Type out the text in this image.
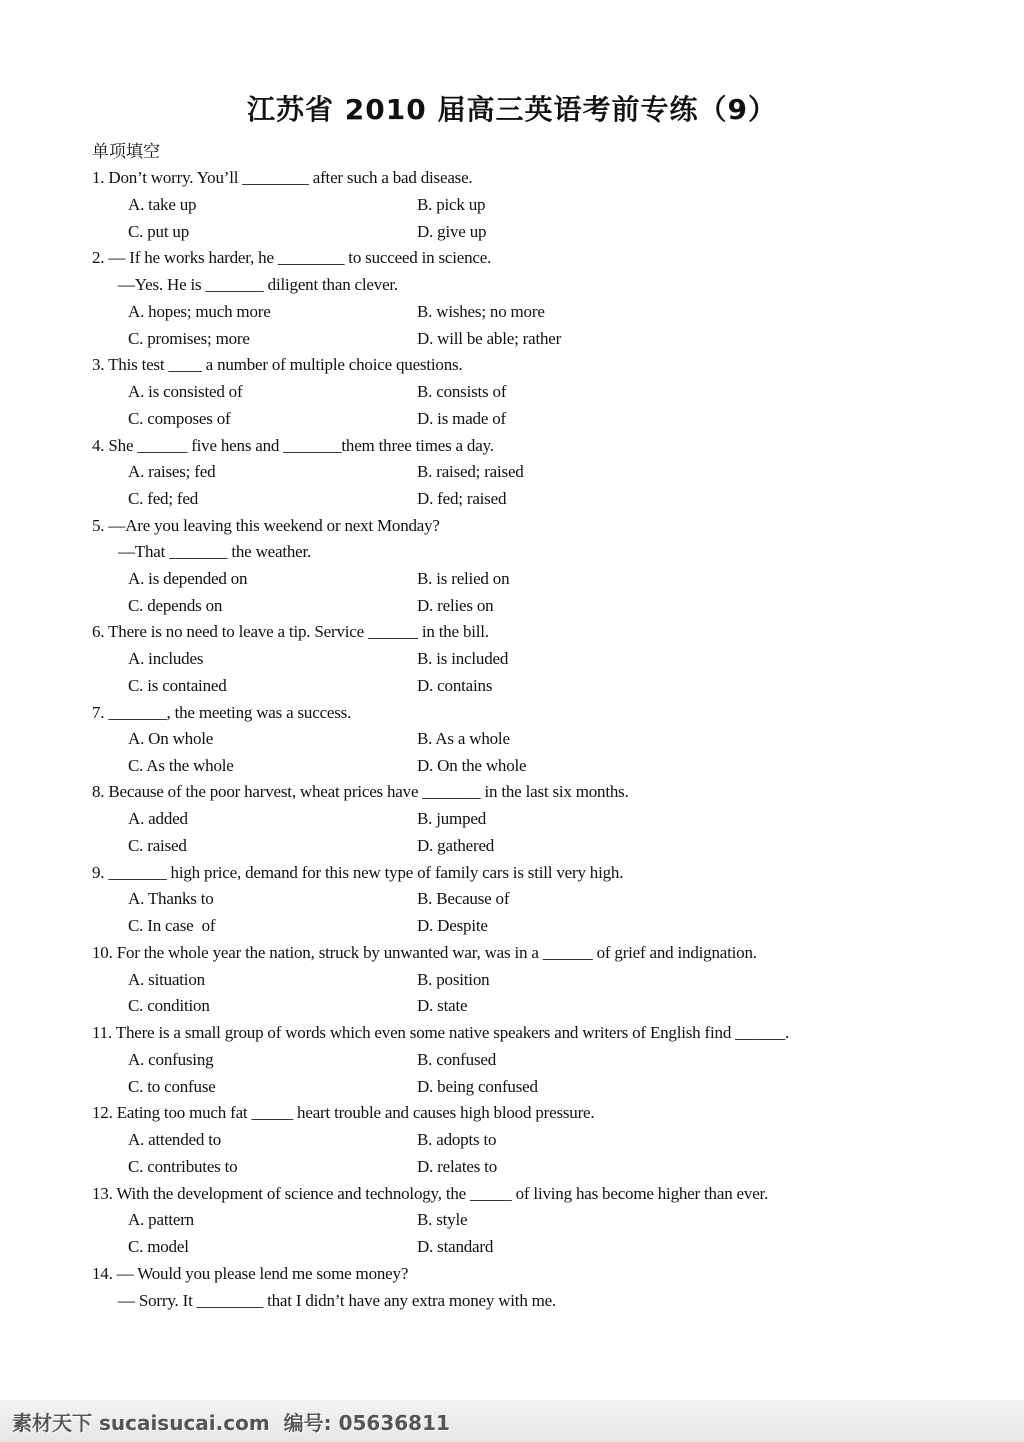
江苏省 2010 届高三英语考前专练（9）
单项填空
1. Don’t worry. You’ll ________ after such a bad disease.
A. take up	B. pick up
C. put up	D. give up
2. — If he works harder, he ________ to succeed in science.
—Yes. He is _______ diligent than clever.
A. hopes; much more	B. wishes; no more
C. promises; more	D. will be able; rather
3. This test ____ a number of multiple choice questions.
A. is consisted of	B. consists of
C. composes of	D. is made of
4. She ______ five hens and _______them three times a day.
A. raises; fed	B. raised; raised
C. fed; fed	D. fed; raised
5. —Are you leaving this weekend or next Monday?
—That _______ the weather.
A. is depended on	B. is relied on
C. depends on	D. relies on
6. There is no need to leave a tip. Service ______ in the bill.
A. includes	B. is included
C. is contained	D. contains
7. _______, the meeting was a success.
A. On whole	B. As a whole
C. As the whole	D. On the whole
8. Because of the poor harvest, wheat prices have _______ in the last six months.
A. added	B. jumped
C. raised	D. gathered
9. _______ high price, demand for this new type of family cars is still very high.
A. Thanks to	B. Because of
C. In case  of	D. Despite
10. For the whole year the nation, struck by unwanted war, was in a ______ of grief and indignation.
A. situation	B. position
C. condition	D. state
11. There is a small group of words which even some native speakers and writers of English find ______.
A. confusing	B. confused
C. to confuse	D. being confused
12. Eating too much fat _____ heart trouble and causes high blood pressure.
A. attended to	B. adopts to
C. contributes to	D. relates to
13. With the development of science and technology, the _____ of living has become higher than ever.
A. pattern	B. style
C. model	D. standard
14. — Would you please lend me some money?
— Sorry. It ________ that I didn’t have any extra money with me.
素材天下 sucaisucai.com  编号: 05636811
